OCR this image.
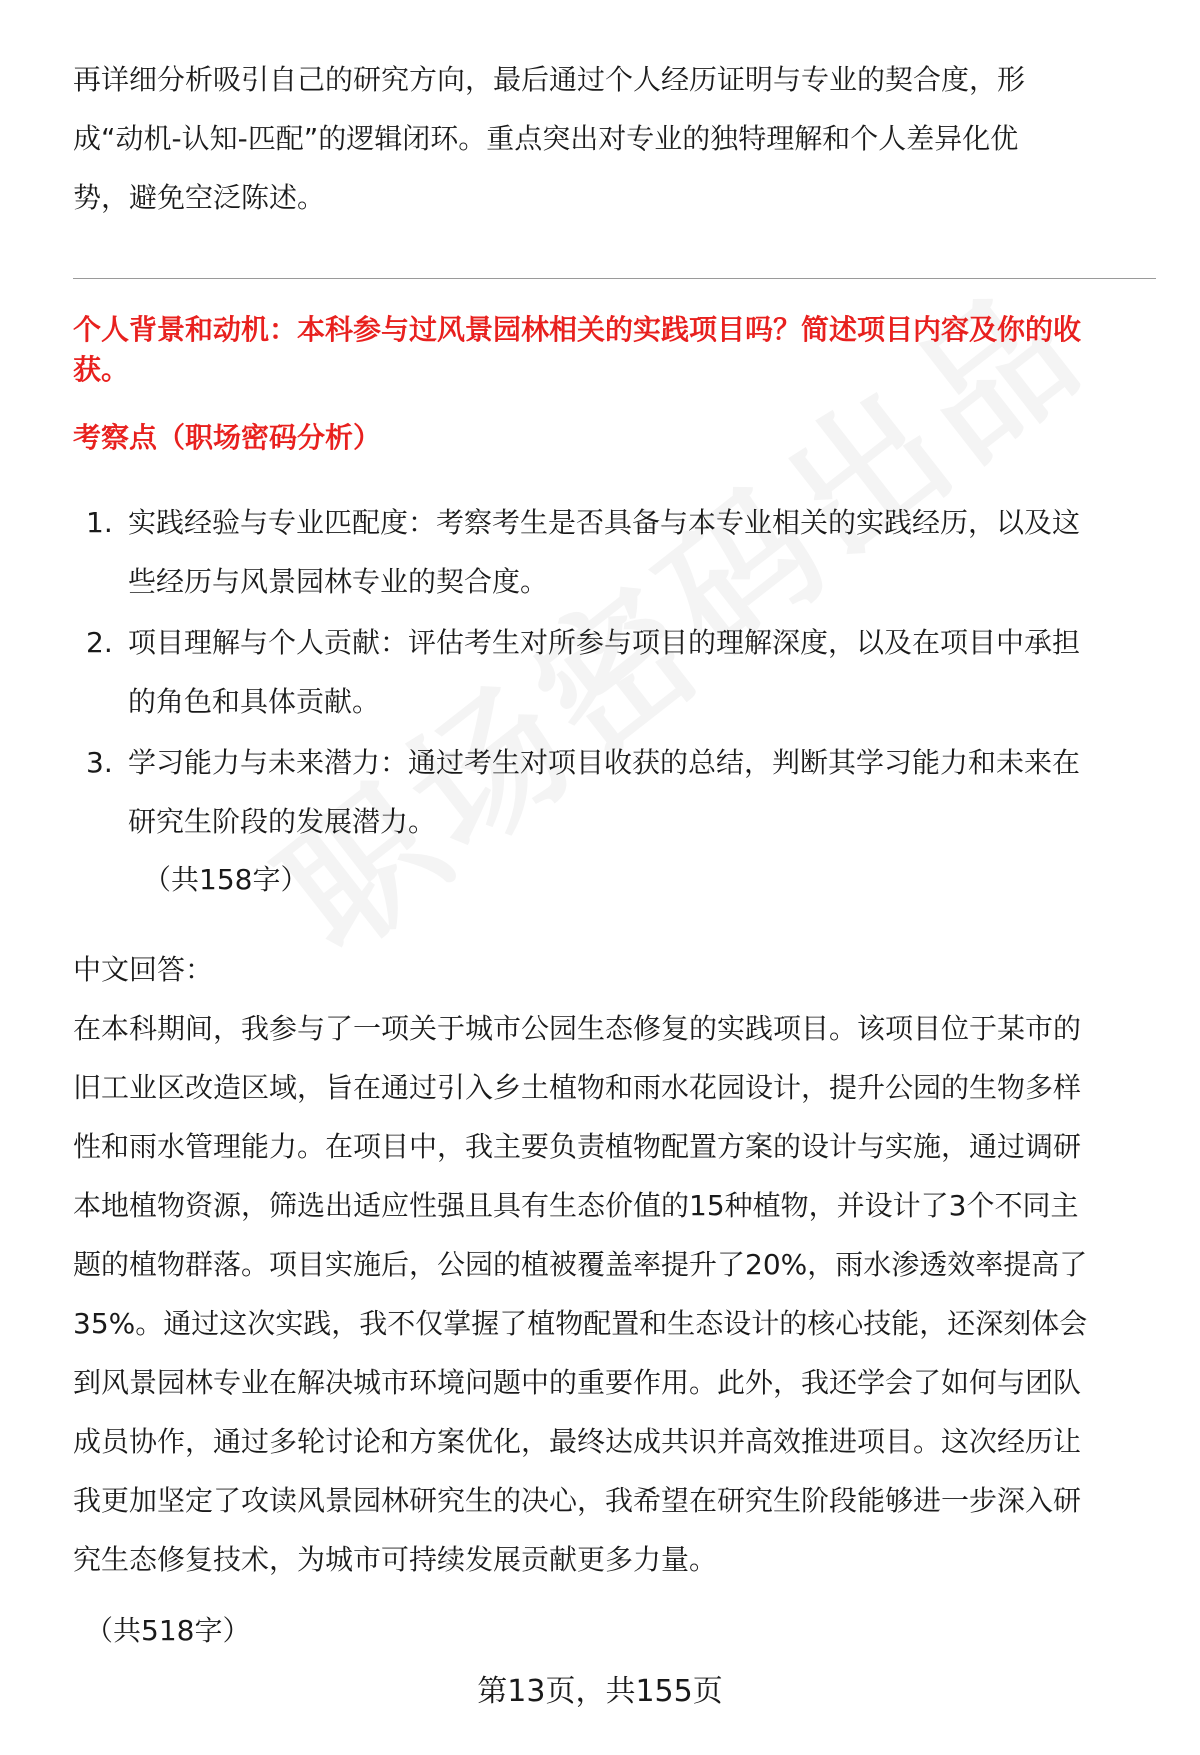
再详细分析吸引自己的研究方向，最后通过个人经历证明与专业的契合度，形

成“动机-认知-匹配”的逻辑闭环。重点突出对专业的独特理解和个人差异化优

势，避免空泛陈述。

个人背景和动机：本科参与过风景园林相关的实践项目吗？简述项目内容及你的收
获。
考察点（职场密码分析）
1. 实践经验与专业匹配度：考察考生是否具备与本专业相关的实践经历，以及这
些经历与风景园林专业的契合度。
2. 项目理解与个人贡献：评估考生对所参与项目的理解深度，以及在项目中承担
的角色和具体贡献。
3. 学习能力与未来潜力：通过考生对项目收获的总结，判断其学习能力和未来在
研究生阶段的发展潜力。

（共158字）

中文回答：

在本科期间，我参与了一项关于城市公园生态修复的实践项目。该项目位于某市的

旧工业区改造区域，旨在通过引入乡土植物和雨水花园设计，提升公园的生物多样

性和雨水管理能力。在项目中，我主要负责植物配置方案的设计与实施，通过调研

本地植物资源，筛选出适应性强且具有生态价值的15种植物，并设计了3个不同主

题的植物群落。项目实施后，公园的植被覆盖率提升了20%，雨水渗透效率提高了

35%。通过这次实践，我不仅掌握了植物配置和生态设计的核心技能，还深刻体会

到风景园林专业在解决城市环境问题中的重要作用。此外，我还学会了如何与团队

成员协作，通过多轮讨论和方案优化，最终达成共识并高效推进项目。这次经历让

我更加坚定了攻读风景园林研究生的决心，我希望在研究生阶段能够进一步深入研

究生态修复技术，为城市可持续发展贡献更多力量。

（共518字）

第13页，共155页
